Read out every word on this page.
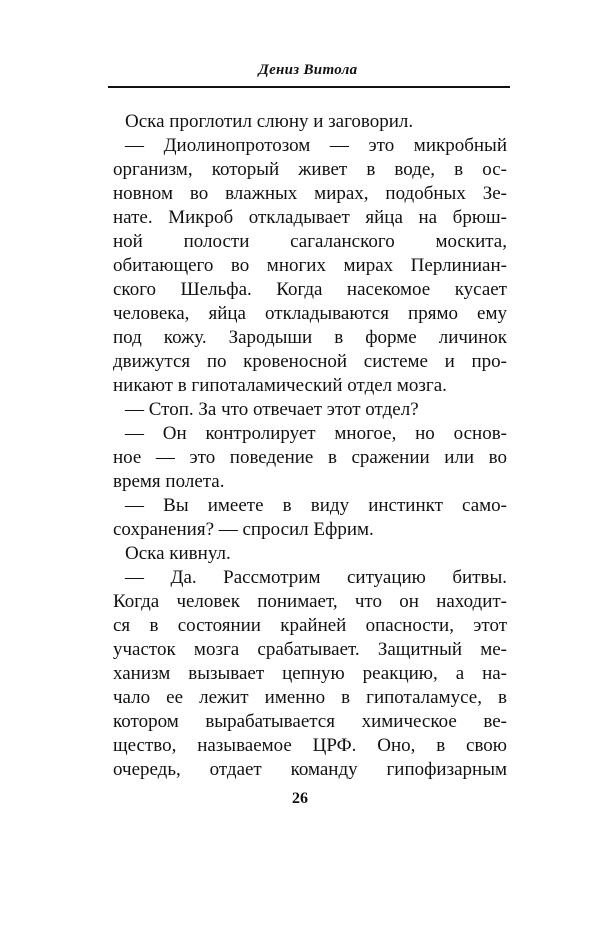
Дениз Витола
Оска проглотил слюну и заговорил.
— Диолинопротозом — это микробный
организм, который живет в воде, в ос-
новном во влажных мирах, подобных Зе-
нате. Микроб откладывает яйца на брюш-
ной полости сагаланского москита,
обитающего во многих мирах Перлиниан-
ского Шельфа. Когда насекомое кусает
человека, яйца откладываются прямо ему
под кожу. Зародыши в форме личинок
движутся по кровеносной системе и про-
никают в гипоталамический отдел мозга.
— Стоп. За что отвечает этот отдел?
— Он контролирует многое, но основ-
ное — это поведение в сражении или во
время полета.
— Вы имеете в виду инстинкт само-
сохранения? — спросил Ефрим.
Оска кивнул.
— Да. Рассмотрим ситуацию битвы.
Когда человек понимает, что он находит-
ся в состоянии крайней опасности, этот
участок мозга срабатывает. Защитный ме-
ханизм вызывает цепную реакцию, а на-
чало ее лежит именно в гипоталамусе, в
котором вырабатывается химическое ве-
щество, называемое ЦРФ. Оно, в свою
очередь, отдает команду гипофизарным
26
